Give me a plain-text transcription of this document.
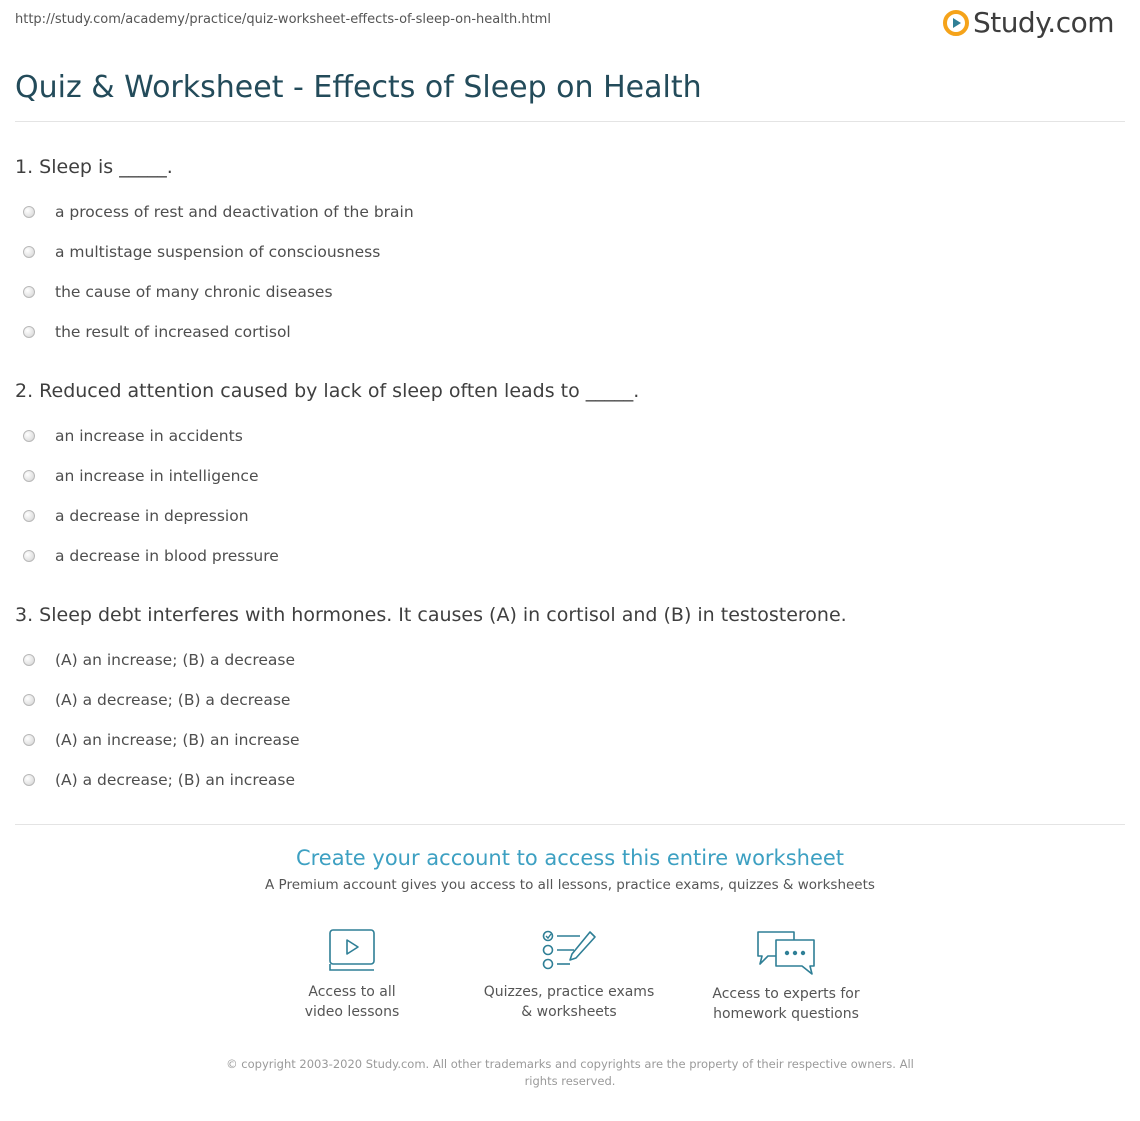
http://study.com/academy/practice/quiz-worksheet-effects-of-sleep-on-health.html	Study.com
Quiz & Worksheet - Effects of Sleep on Health

1. Sleep is _____.

a process of rest and deactivation of the brain
a multistage suspension of consciousness
the cause of many chronic diseases
the result of increased cortisol

2. Reduced attention caused by lack of sleep often leads to _____.

an increase in accidents
an increase in intelligence
a decrease in depression
a decrease in blood pressure

3. Sleep debt interferes with hormones. It causes (A) in cortisol and (B) in testosterone.

(A) an increase; (B) a decrease
(A) a decrease; (B) a decrease
(A) an increase; (B) an increase
(A) a decrease; (B) an increase
Create your account to access this entire worksheet
A Premium account gives you access to all lessons, practice exams, quizzes & worksheets
Access to all
video lessons
Quizzes, practice exams
& worksheets
Access to experts for
homework questions
© copyright 2003-2020 Study.com. All other trademarks and copyrights are the property of their respective owners. All rights reserved.
